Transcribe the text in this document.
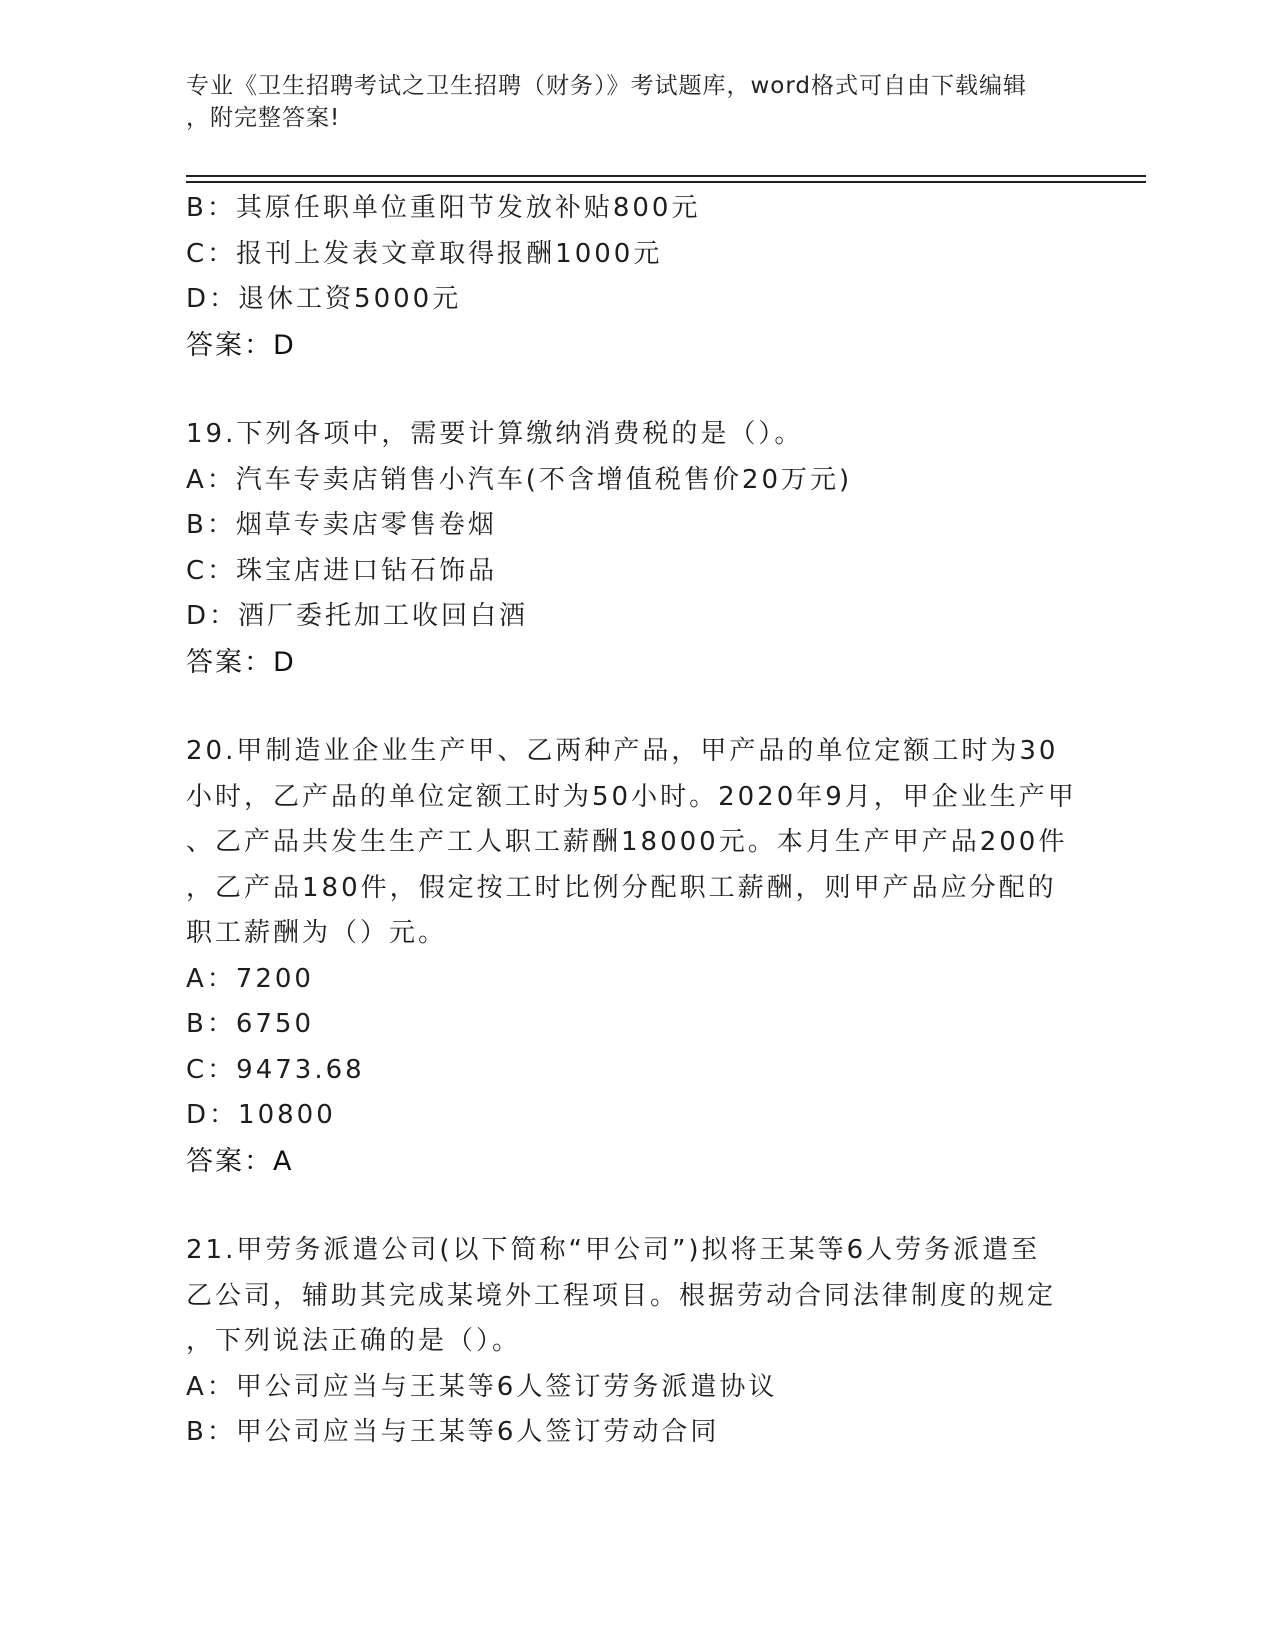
专业《卫生招聘考试之卫生招聘（财务）》考试题库，word格式可自由下载编辑
，附完整答案!
B：其原任职单位重阳节发放补贴800元
C：报刊上发表文章取得报酬1000元
D：退休工资5000元
答案：D
19.下列各项中，需要计算缴纳消费税的是（）。
A：汽车专卖店销售小汽车(不含增值税售价20万元)
B：烟草专卖店零售卷烟
C：珠宝店进口钻石饰品
D：酒厂委托加工收回白酒
答案：D
20.甲制造业企业生产甲、乙两种产品，甲产品的单位定额工时为30
小时，乙产品的单位定额工时为50小时。2020年9月，甲企业生产甲
、乙产品共发生生产工人职工薪酬18000元。本月生产甲产品200件
，乙产品180件，假定按工时比例分配职工薪酬，则甲产品应分配的
职工薪酬为（）元。
A：7200
B：6750
C：9473.68
D：10800
答案：A
21.甲劳务派遣公司(以下简称“甲公司”)拟将王某等6人劳务派遣至
乙公司，辅助其完成某境外工程项目。根据劳动合同法律制度的规定
，下列说法正确的是（）。
A：甲公司应当与王某等6人签订劳务派遣协议
B：甲公司应当与王某等6人签订劳动合同
